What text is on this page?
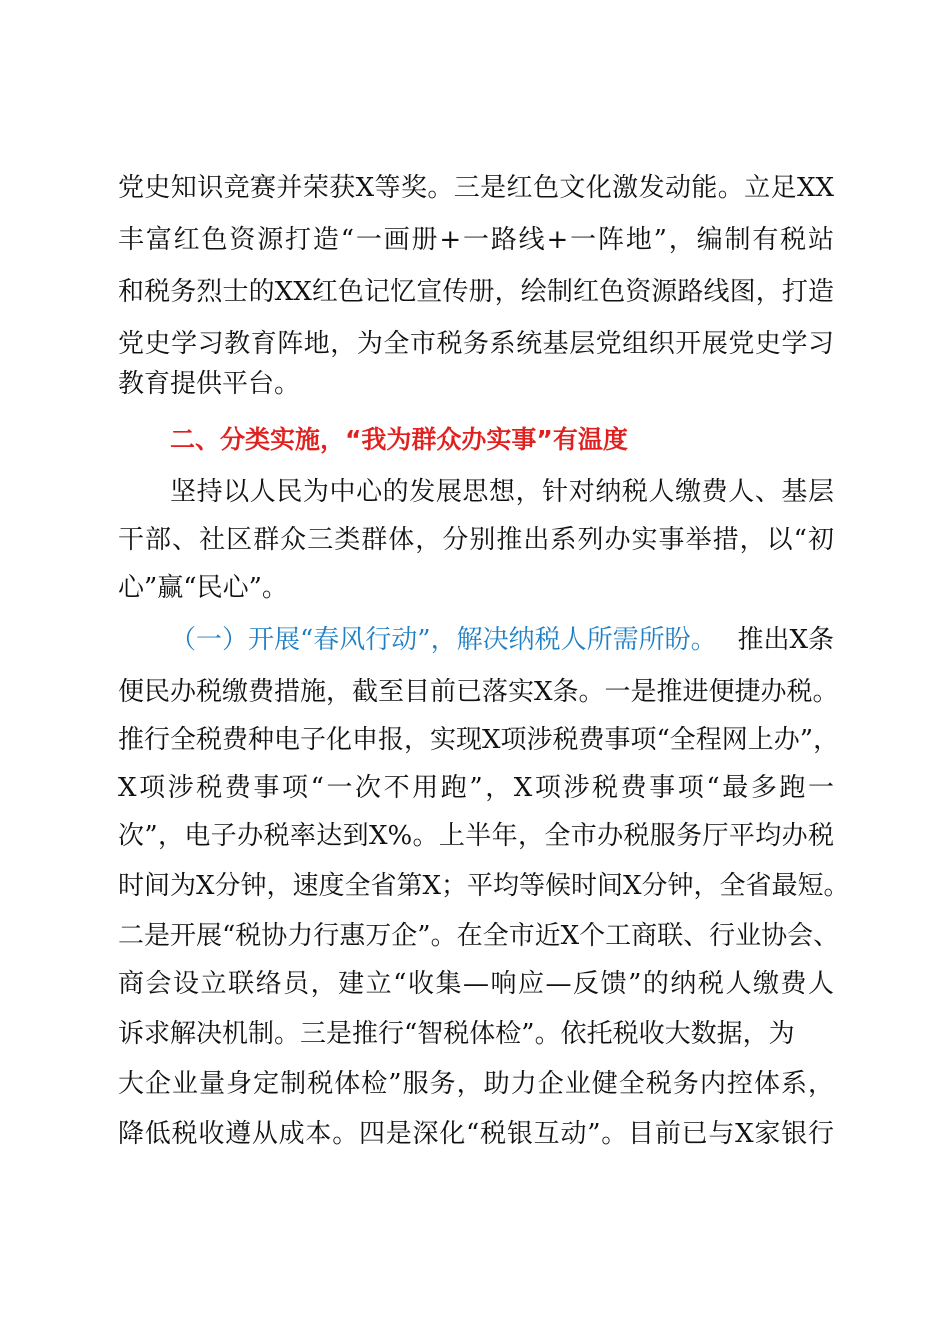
党史知识竞赛并荣获X等奖。三是红色文化激发动能。立足XX
丰富红色资源打造“一画册+一路线+一阵地”，编制有税站
和税务烈士的XX红色记忆宣传册，绘制红色资源路线图，打造
党史学习教育阵地，为全市税务系统基层党组织开展党史学习
教育提供平台。
二、分类实施，“我为群众办实事”有温度
坚持以人民为中心的发展思想，针对纳税人缴费人、基层
干部、社区群众三类群体，分别推出系列办实事举措，以“初
心”赢“民心”。
（一）开展“春风行动”，解决纳税人所需所盼。 推出X条
便民办税缴费措施，截至目前已落实X条。一是推进便捷办税。
推行全税费种电子化申报，实现X项涉税费事项“全程网上办”，
X项涉税费事项“一次不用跑”，X项涉税费事项“最多跑一
次”，电子办税率达到X%。上半年，全市办税服务厅平均办税
时间为X分钟，速度全省第X；平均等候时间X分钟，全省最短。
二是开展“税协力行惠万企”。在全市近X个工商联、行业协会、
商会设立联络员，建立“收集—响应—反馈”的纳税人缴费人
诉求解决机制。三是推行“智税体检”。依托税收大数据，为
大企业量身定制税体检”服务，助力企业健全税务内控体系，
降低税收遵从成本。四是深化“税银互动”。目前已与X家银行
